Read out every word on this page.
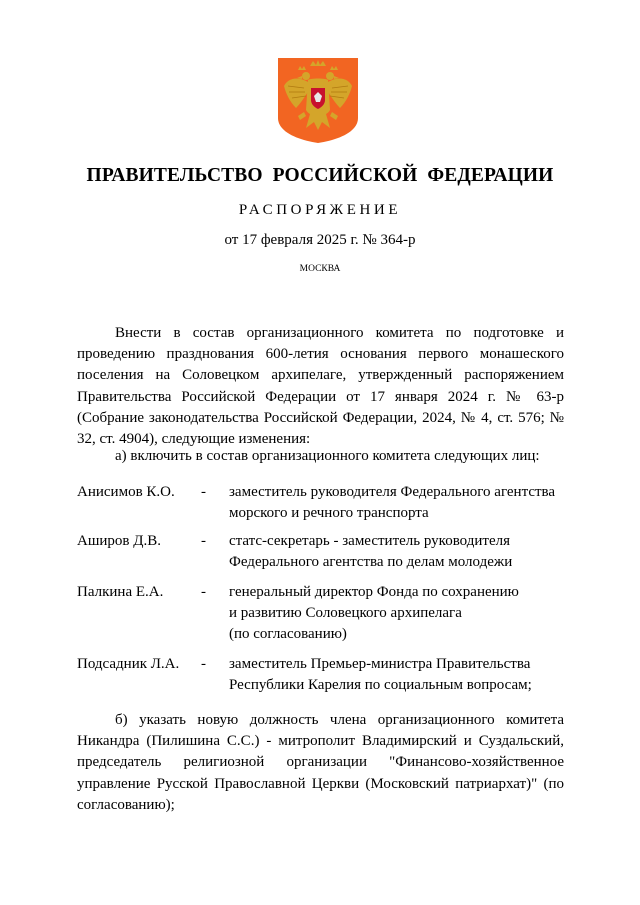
ПРАВИТЕЛЬСТВО РОССИЙСКОЙ ФЕДЕРАЦИИ
РАСПОРЯЖЕНИЕ
от 17 февраля 2025 г. № 364-р
МОСКВА
Внести в состав организационного комитета по подготовке и проведению празднования 600-летия основания первого монашеского поселения на Соловецком архипелаге, утвержденный распоряжением Правительства Российской Федерации от 17 января 2024 г. № 63-р (Собрание законодательства Российской Федерации, 2024, № 4, ст. 576; № 32, ст. 4904), следующие изменения:
а) включить в состав организационного комитета следующих лиц:
Анисимов К.О. - заместитель руководителя Федерального агентства
морского и речного транспорта
Аширов Д.В.	- статс-секретарь - заместитель руководителя
Федерального агентства по делам молодежи
Палкина Е.А.	- генеральный директор Фонда по сохранению
и развитию Соловецкого архипелага
(по согласованию)
Подсадник Л.А. - заместитель Премьер-министра Правительства
Республики Карелия по социальным вопросам;
б) указать новую должность члена организационного комитета Никандра (Пилишина С.С.) - митрополит Владимирский и Суздальский, председатель религиозной организации "Финансово-хозяйственное управление Русской Православной Церкви (Московский патриархат)" (по согласованию);
